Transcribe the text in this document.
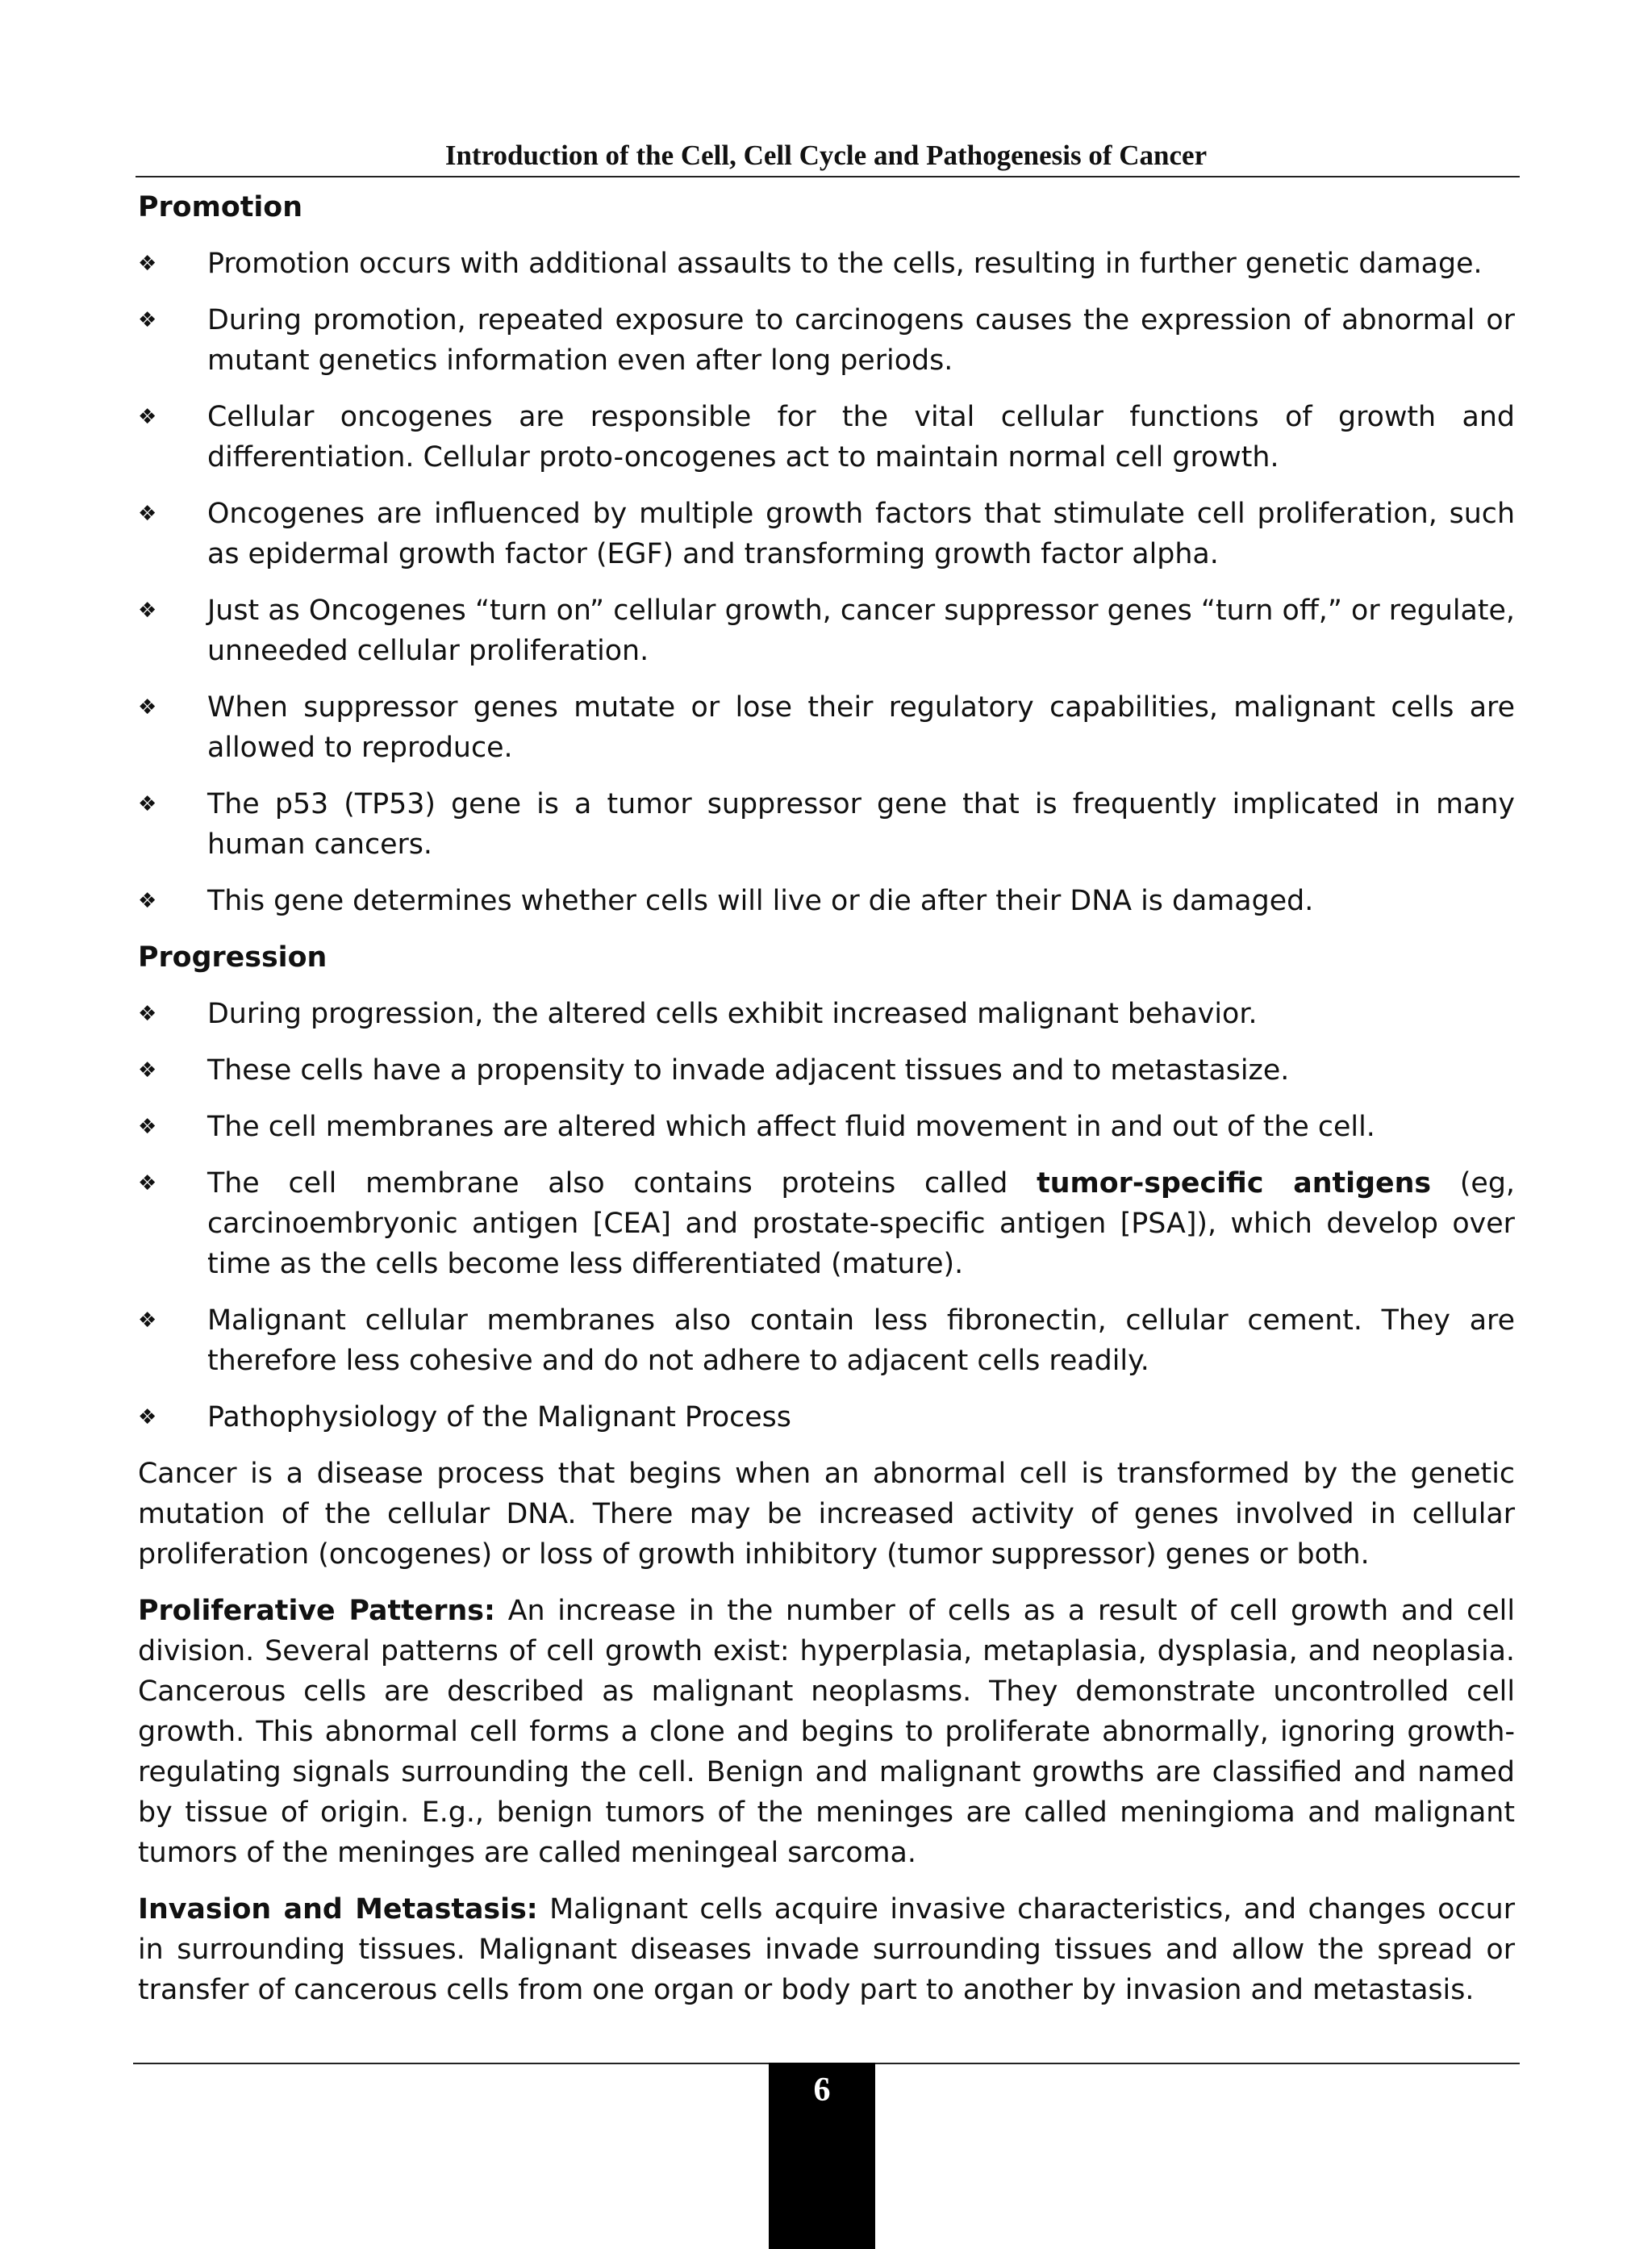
Introduction of the Cell, Cell Cycle and Pathogenesis of Cancer
Promotion
❖ Promotion occurs with additional assaults to the cells, resulting in further genetic damage.
❖ During promotion, repeated exposure to carcinogens causes the expression of abnormal or mutant genetics information even after long periods.
❖ Cellular oncogenes are responsible for the vital cellular functions of growth and differentiation. Cellular proto-oncogenes act to maintain normal cell growth.
❖ Oncogenes are influenced by multiple growth factors that stimulate cell proliferation, such as epidermal growth factor (EGF) and transforming growth factor alpha.
❖ Just as Oncogenes “turn on” cellular growth, cancer suppressor genes “turn off,” or regulate, unneeded cellular proliferation.
❖ When suppressor genes mutate or lose their regulatory capabilities, malignant cells are allowed to reproduce.
❖ The p53 (TP53) gene is a tumor suppressor gene that is frequently implicated in many human cancers.
❖ This gene determines whether cells will live or die after their DNA is damaged.
Progression
❖ During progression, the altered cells exhibit increased malignant behavior.
❖ These cells have a propensity to invade adjacent tissues and to metastasize.
❖ The cell membranes are altered which affect fluid movement in and out of the cell.
❖ The cell membrane also contains proteins called tumor-specific antigens (eg, carcinoembryonic antigen [CEA] and prostate-specific antigen [PSA]), which develop over time as the cells become less differentiated (mature).
❖ Malignant cellular membranes also contain less fibronectin, cellular cement. They are therefore less cohesive and do not adhere to adjacent cells readily.
❖ Pathophysiology of the Malignant Process

Cancer is a disease process that begins when an abnormal cell is transformed by the genetic mutation of the cellular DNA. There may be increased activity of genes involved in cellular proliferation (oncogenes) or loss of growth inhibitory (tumor suppressor) genes or both.

Proliferative Patterns: An increase in the number of cells as a result of cell growth and cell division. Several patterns of cell growth exist: hyperplasia, metaplasia, dysplasia, and neoplasia. Cancerous cells are described as malignant neoplasms. They demonstrate uncontrolled cell growth. This abnormal cell forms a clone and begins to proliferate abnormally, ignoring growth-regulating signals surrounding the cell. Benign and malignant growths are classified and named by tissue of origin. E.g., benign tumors of the meninges are called meningioma and malignant tumors of the meninges are called meningeal sarcoma.

Invasion and Metastasis: Malignant cells acquire invasive characteristics, and changes occur in surrounding tissues. Malignant diseases invade surrounding tissues and allow the spread or transfer of cancerous cells from one organ or body part to another by invasion and metastasis.

6
